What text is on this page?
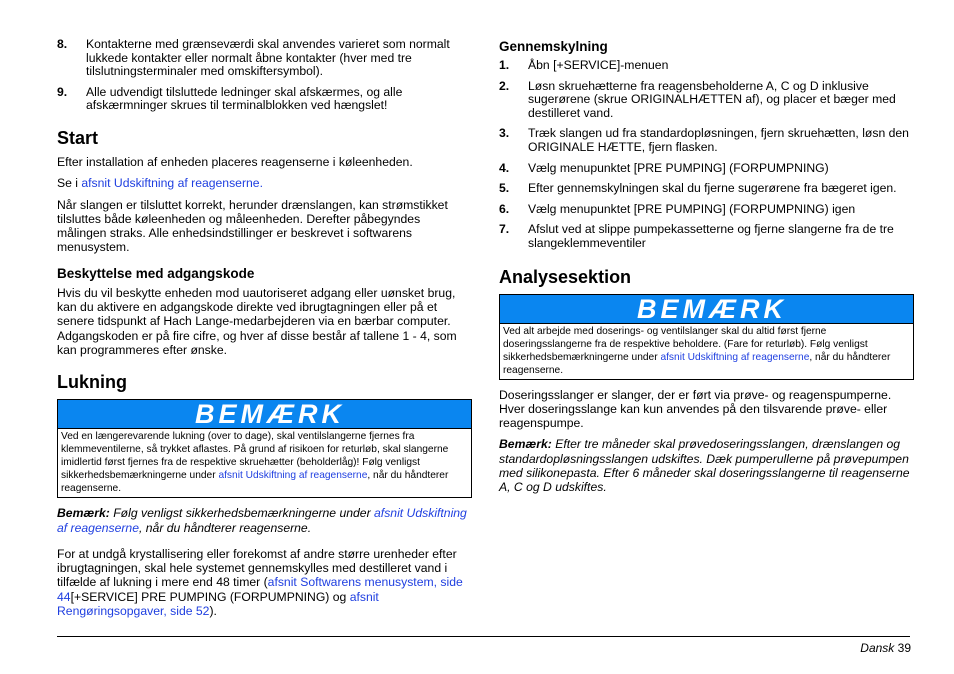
8.	Kontakterne med grænseværdi skal anvendes varieret som normalt lukkede kontakter eller normalt åbne kontakter (hver med tre tilslutningsterminaler med omskiftersymbol).
9.	Alle udvendigt tilsluttede ledninger skal afskærmes, og alle afskærmninger skrues til terminalblokken ved hængslet!
Start

Efter installation af enheden placeres reagenserne i køleenheden.

Se i afsnit Udskiftning af reagenserne.

Når slangen er tilsluttet korrekt, herunder drænslangen, kan strømstikket tilsluttes både køleenheden og måleenheden. Derefter påbegyndes målingen straks. Alle enhedsindstillinger er beskrevet i softwarens menusystem.

Beskyttelse med adgangskode

Hvis du vil beskytte enheden mod uautoriseret adgang eller uønsket brug, kan du aktivere en adgangskode direkte ved ibrugtagningen eller på et senere tidspunkt af Hach Lange-medarbejderen via en bærbar computer. Adgangskoden er på fire cifre, og hver af disse består af tallene 1 - 4, som kan programmeres efter ønske.

Lukning
BEMÆRK
Ved en længerevarende lukning (over to dage), skal ventilslangerne fjernes fra klemmeventilerne, så trykket aflastes. På grund af risikoen for returløb, skal slangerne imidlertid først fjernes fra de respektive skruehætter (beholderlåg)! Følg venligst sikkerhedsbemærkningerne under afsnit Udskiftning af reagenserne, når du håndterer reagenserne.

Bemærk: Følg venligst sikkerhedsbemærkningerne under afsnit Udskiftning af reagenserne, når du håndterer reagenserne.

For at undgå krystallisering eller forekomst af andre større urenheder efter ibrugtagningen, skal hele systemet gennemskylles med destilleret vand i tilfælde af lukning i mere end 48 timer (afsnit Softwarens menusystem, side 44[+SERVICE] PRE PUMPING (FORPUMPNING) og afsnit Rengøringsopgaver, side 52).

Gennemskylning
1.	Åbn [+SERVICE]-menuen
2.	Løsn skruehætterne fra reagensbeholderne A, C og D inklusive sugerørene (skrue ORIGINALHÆTTEN af), og placer et bæger med destilleret vand.
3.	Træk slangen ud fra standardopløsningen, fjern skruehætten, løsn den ORIGINALE HÆTTE, fjern flasken.
4.	Vælg menupunktet [PRE PUMPING] (FORPUMPNING)
5.	Efter gennemskylningen skal du fjerne sugerørene fra bægeret igen.
6.	Vælg menupunktet [PRE PUMPING] (FORPUMPNING) igen
7.	Afslut ved at slippe pumpekassetterne og fjerne slangerne fra de tre slangeklemmeventiler
Analysesektion
BEMÆRK
Ved alt arbejde med doserings- og ventilslanger skal du altid først fjerne doseringsslangerne fra de respektive beholdere. (Fare for returløb). Følg venligst sikkerhedsbemærkningerne under afsnit Udskiftning af reagenserne, når du håndterer reagenserne.

Doseringsslanger er slanger, der er ført via prøve- og reagenspumperne. Hver doseringsslange kan kun anvendes på den tilsvarende prøve- eller reagenspumpe.

Bemærk: Efter tre måneder skal prøvedoseringsslangen, drænslangen og standardopløsningsslangen udskiftes. Dæk pumperullerne på prøvepumpen med silikonepasta. Efter 6 måneder skal doseringsslangerne til reagenserne A, C og D udskiftes.

Dansk 39
